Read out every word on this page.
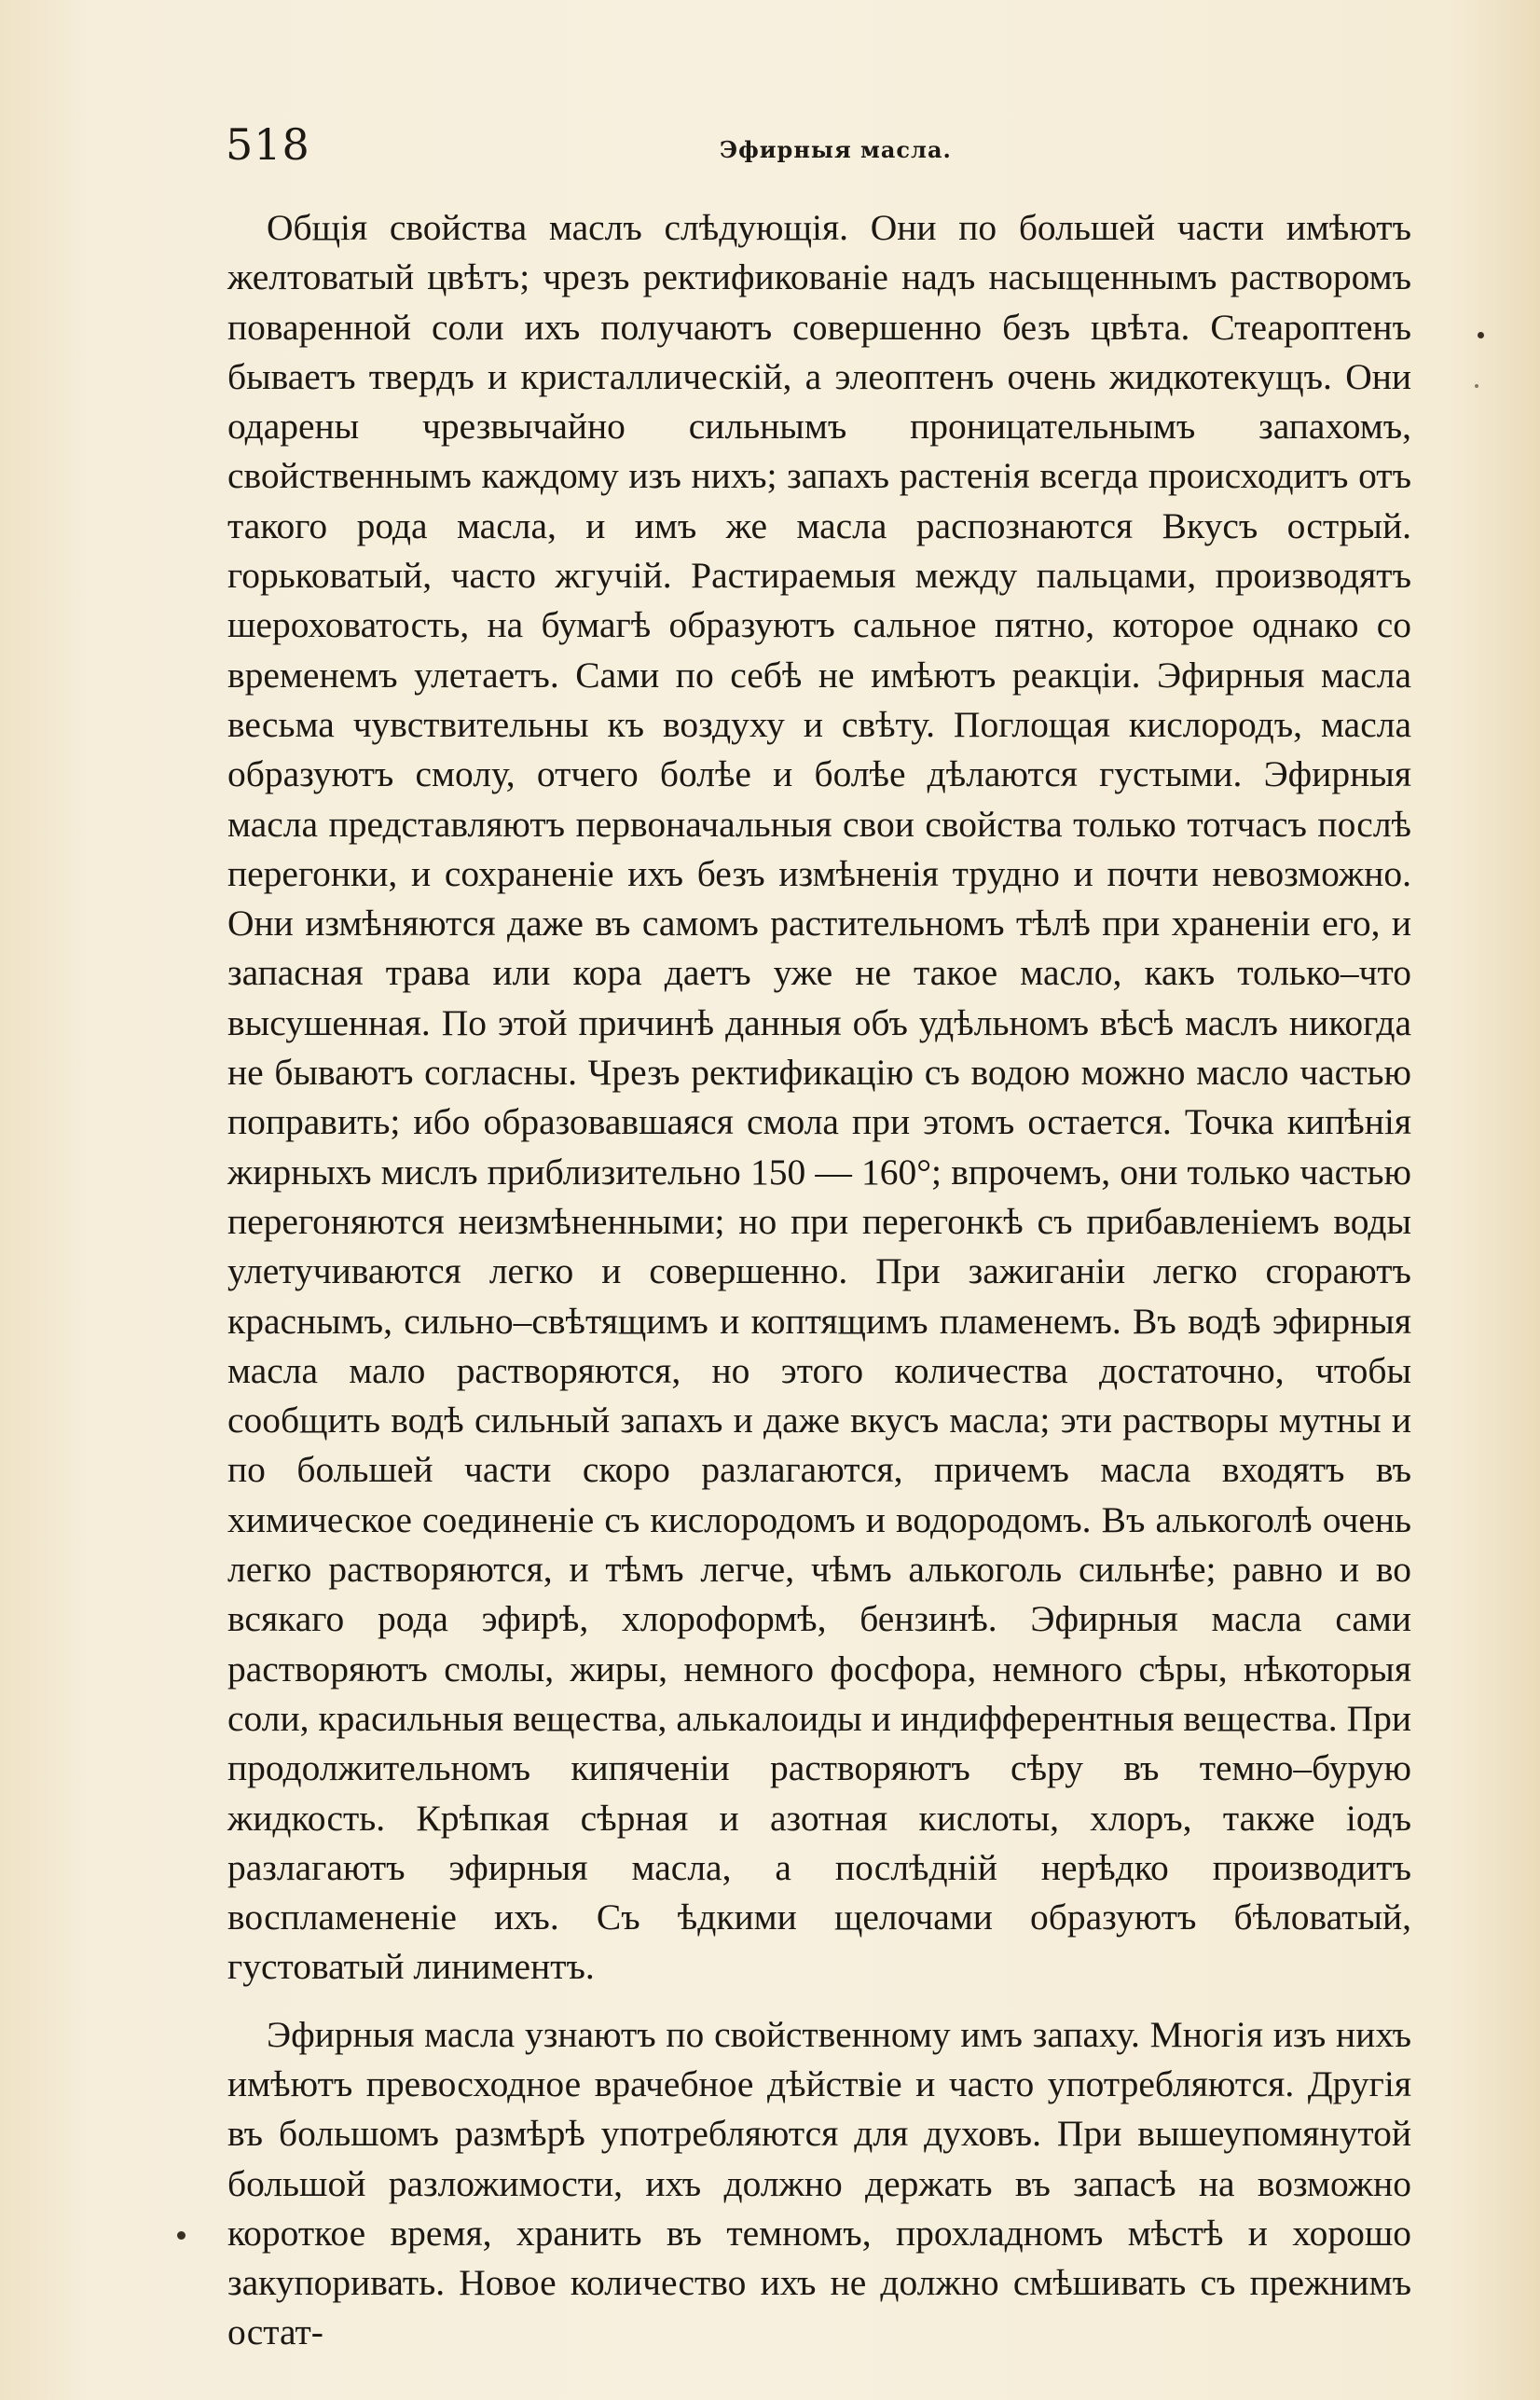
518	Эфирныя масла.

Общія свойства маслъ слѣдующія. Они по большей части имѣютъ желтоватый цвѣтъ; чрезъ ректификованіе надъ насыщеннымъ растворомъ поваренной соли ихъ получаютъ совершенно безъ цвѣта. Стеароптенъ бываетъ твердъ и кристаллическій, а элеоптенъ очень жидкотекущъ. Они одарены чрезвычайно сильнымъ проницательнымъ запахомъ, свойственнымъ каждому изъ нихъ; запахъ растенія всегда происходитъ отъ такого рода масла, и имъ же масла распознаются Вкусъ острый. горьковатый, часто жгучій. Растираемыя между пальцами, производятъ шероховатость, на бумагѣ образуютъ сальное пятно, которое однако со временемъ улетаетъ. Сами по себѣ не имѣютъ реакціи. Эфирныя масла весьма чувствительны къ воздуху и свѣту. Поглощая кислородъ, масла образуютъ смолу, отчего болѣе и болѣе дѣлаются густыми. Эфирныя масла представляютъ первоначальныя свои свойства только тотчасъ послѣ перегонки, и сохраненіе ихъ безъ измѣненія трудно и почти невозможно. Они измѣняются даже въ самомъ растительномъ тѣлѣ при храненіи его, и запасная трава или кора даетъ уже не такое масло, какъ только–что высушенная. По этой причинѣ данныя объ удѣльномъ вѣсѣ маслъ никогда не бываютъ согласны. Чрезъ ректификацію съ водою можно масло частью поправить; ибо образовавшаяся смола при этомъ остается. Точка кипѣнія жирныхъ мислъ приблизительно 150 — 160°; впрочемъ, они только частью перегоняются неизмѣненными; но при перегонкѣ съ прибавленіемъ воды улетучиваются легко и совершенно. При зажиганіи легко сгораютъ краснымъ, сильно–свѣтящимъ и коптящимъ пламенемъ. Въ водѣ эфирныя масла мало растворяются, но этого количества достаточно, чтобы сообщить водѣ сильный запахъ и даже вкусъ масла; эти растворы мутны и по большей части скоро разлагаются, причемъ масла входятъ въ химическое соединеніе съ кислородомъ и водородомъ. Въ алькоголѣ очень легко растворяются, и тѣмъ легче, чѣмъ алькоголь сильнѣе; равно и во всякаго рода эфирѣ, хлороформѣ, бензинѣ. Эфирныя масла сами растворяютъ смолы, жиры, немного фосфора, немного сѣры, нѣкоторыя соли, красильныя вещества, алькалоиды и индифферентныя вещества. При продолжительномъ кипяченіи растворяютъ сѣру въ темно–бурую жидкость. Крѣпкая сѣрная и азотная кислоты, хлоръ, также іодъ разлагаютъ эфирныя масла, а послѣдній нерѣдко производитъ воспламененіе ихъ. Съ ѣдкими щелочами образуютъ бѣловатый, густоватый линиментъ.

Эфирныя масла узнаютъ по свойственному имъ запаху. Многія изъ нихъ имѣютъ превосходное врачебное дѣйствіе и часто употребляются. Другія въ большомъ размѣрѣ употребляются для духовъ. При вышеупомянутой большой разложимости, ихъ должно держать въ запасѣ на возможно короткое время, хранить въ темномъ, прохладномъ мѣстѣ и хорошо закупоривать. Новое количество ихъ не должно смѣшивать съ прежнимъ остат-
